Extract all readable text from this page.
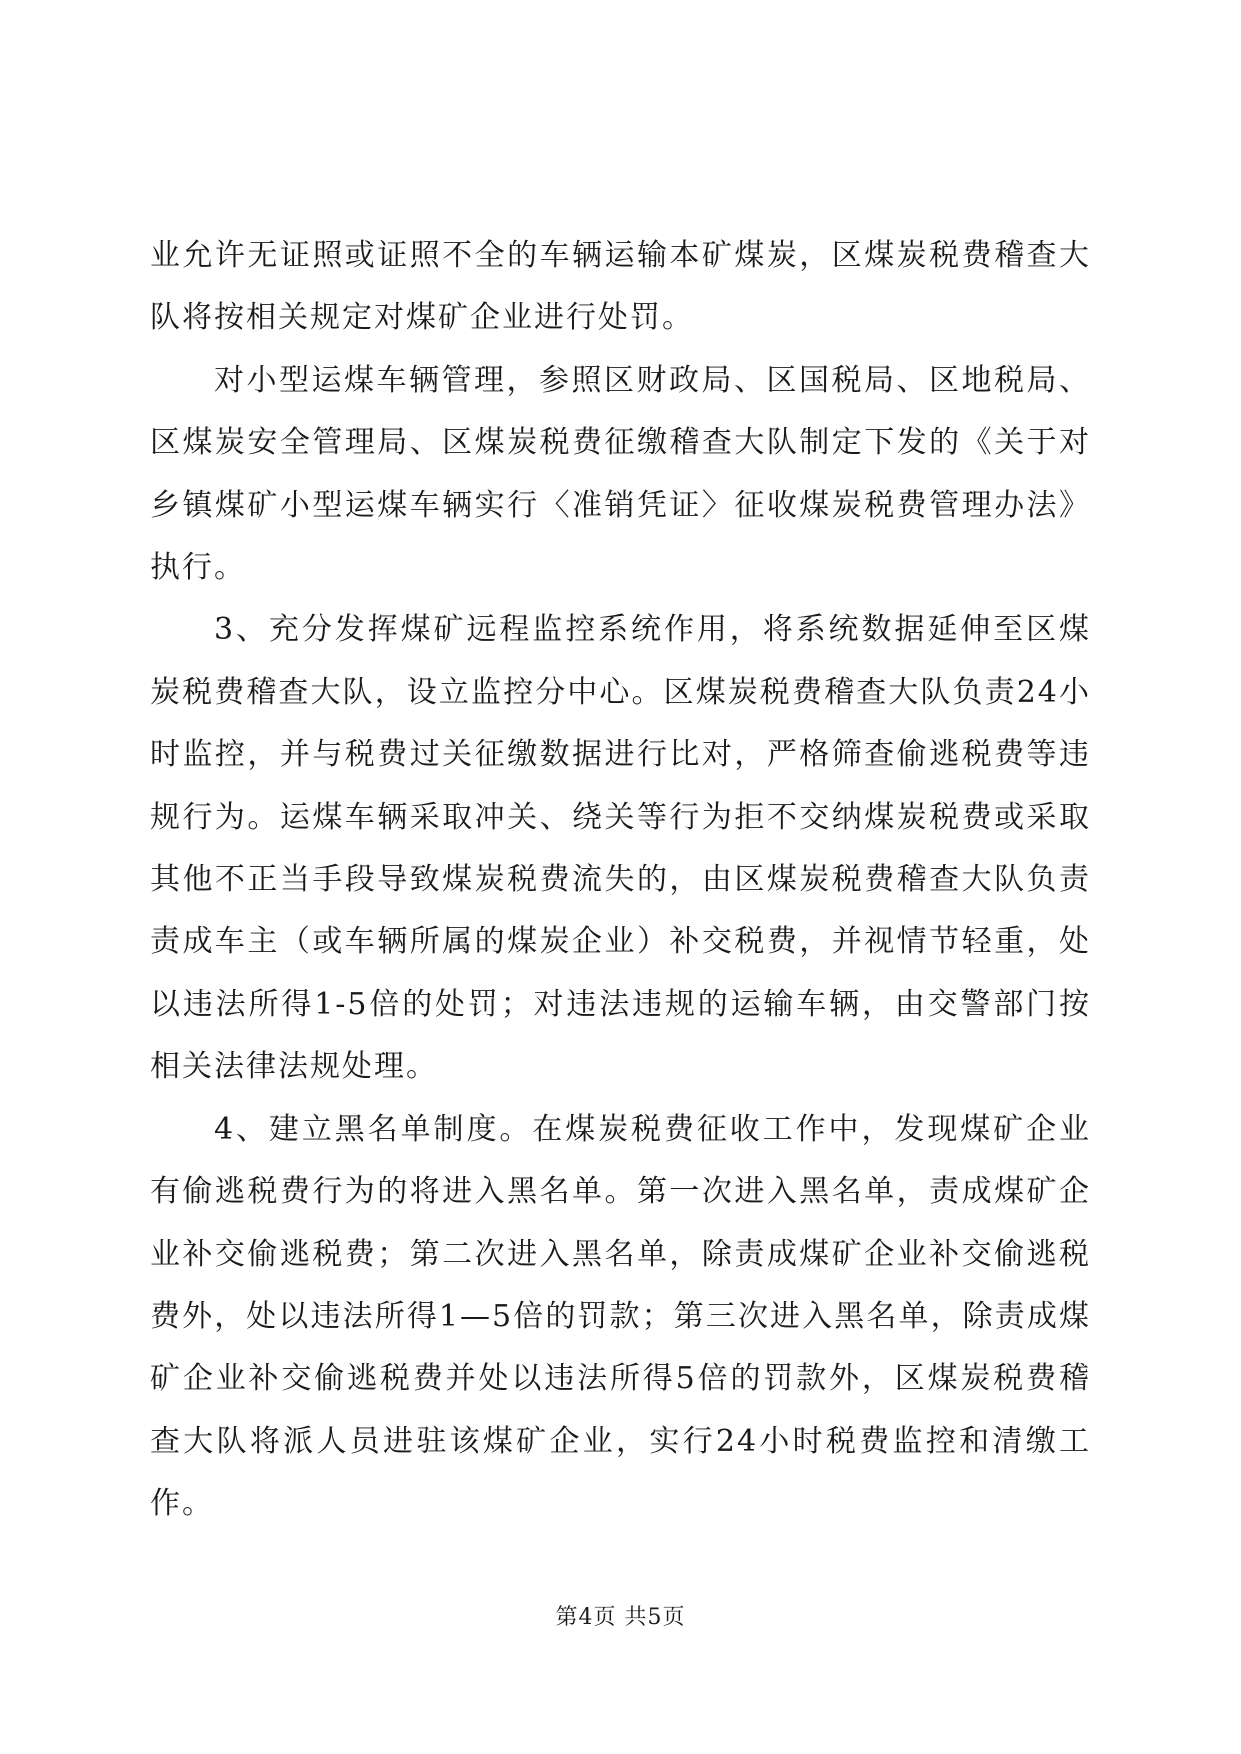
业允许无证照或证照不全的车辆运输本矿煤炭，区煤炭税费稽查大队将按相关规定对煤矿企业进行处罚。

对小型运煤车辆管理，参照区财政局、区国税局、区地税局、区煤炭安全管理局、区煤炭税费征缴稽查大队制定下发的《关于对乡镇煤矿小型运煤车辆实行〈准销凭证〉征收煤炭税费管理办法》执行。

3、充分发挥煤矿远程监控系统作用，将系统数据延伸至区煤炭税费稽查大队，设立监控分中心。区煤炭税费稽查大队负责24小时监控，并与税费过关征缴数据进行比对，严格筛查偷逃税费等违规行为。运煤车辆采取冲关、绕关等行为拒不交纳煤炭税费或采取其他不正当手段导致煤炭税费流失的，由区煤炭税费稽查大队负责责成车主（或车辆所属的煤炭企业）补交税费，并视情节轻重，处以违法所得1-5倍的处罚；对违法违规的运输车辆，由交警部门按相关法律法规处理。

4、建立黑名单制度。在煤炭税费征收工作中，发现煤矿企业有偷逃税费行为的将进入黑名单。第一次进入黑名单，责成煤矿企业补交偷逃税费；第二次进入黑名单，除责成煤矿企业补交偷逃税费外，处以违法所得1—5倍的罚款；第三次进入黑名单，除责成煤矿企业补交偷逃税费并处以违法所得5倍的罚款外，区煤炭税费稽查大队将派人员进驻该煤矿企业，实行24小时税费监控和清缴工作。

第4页 共5页
